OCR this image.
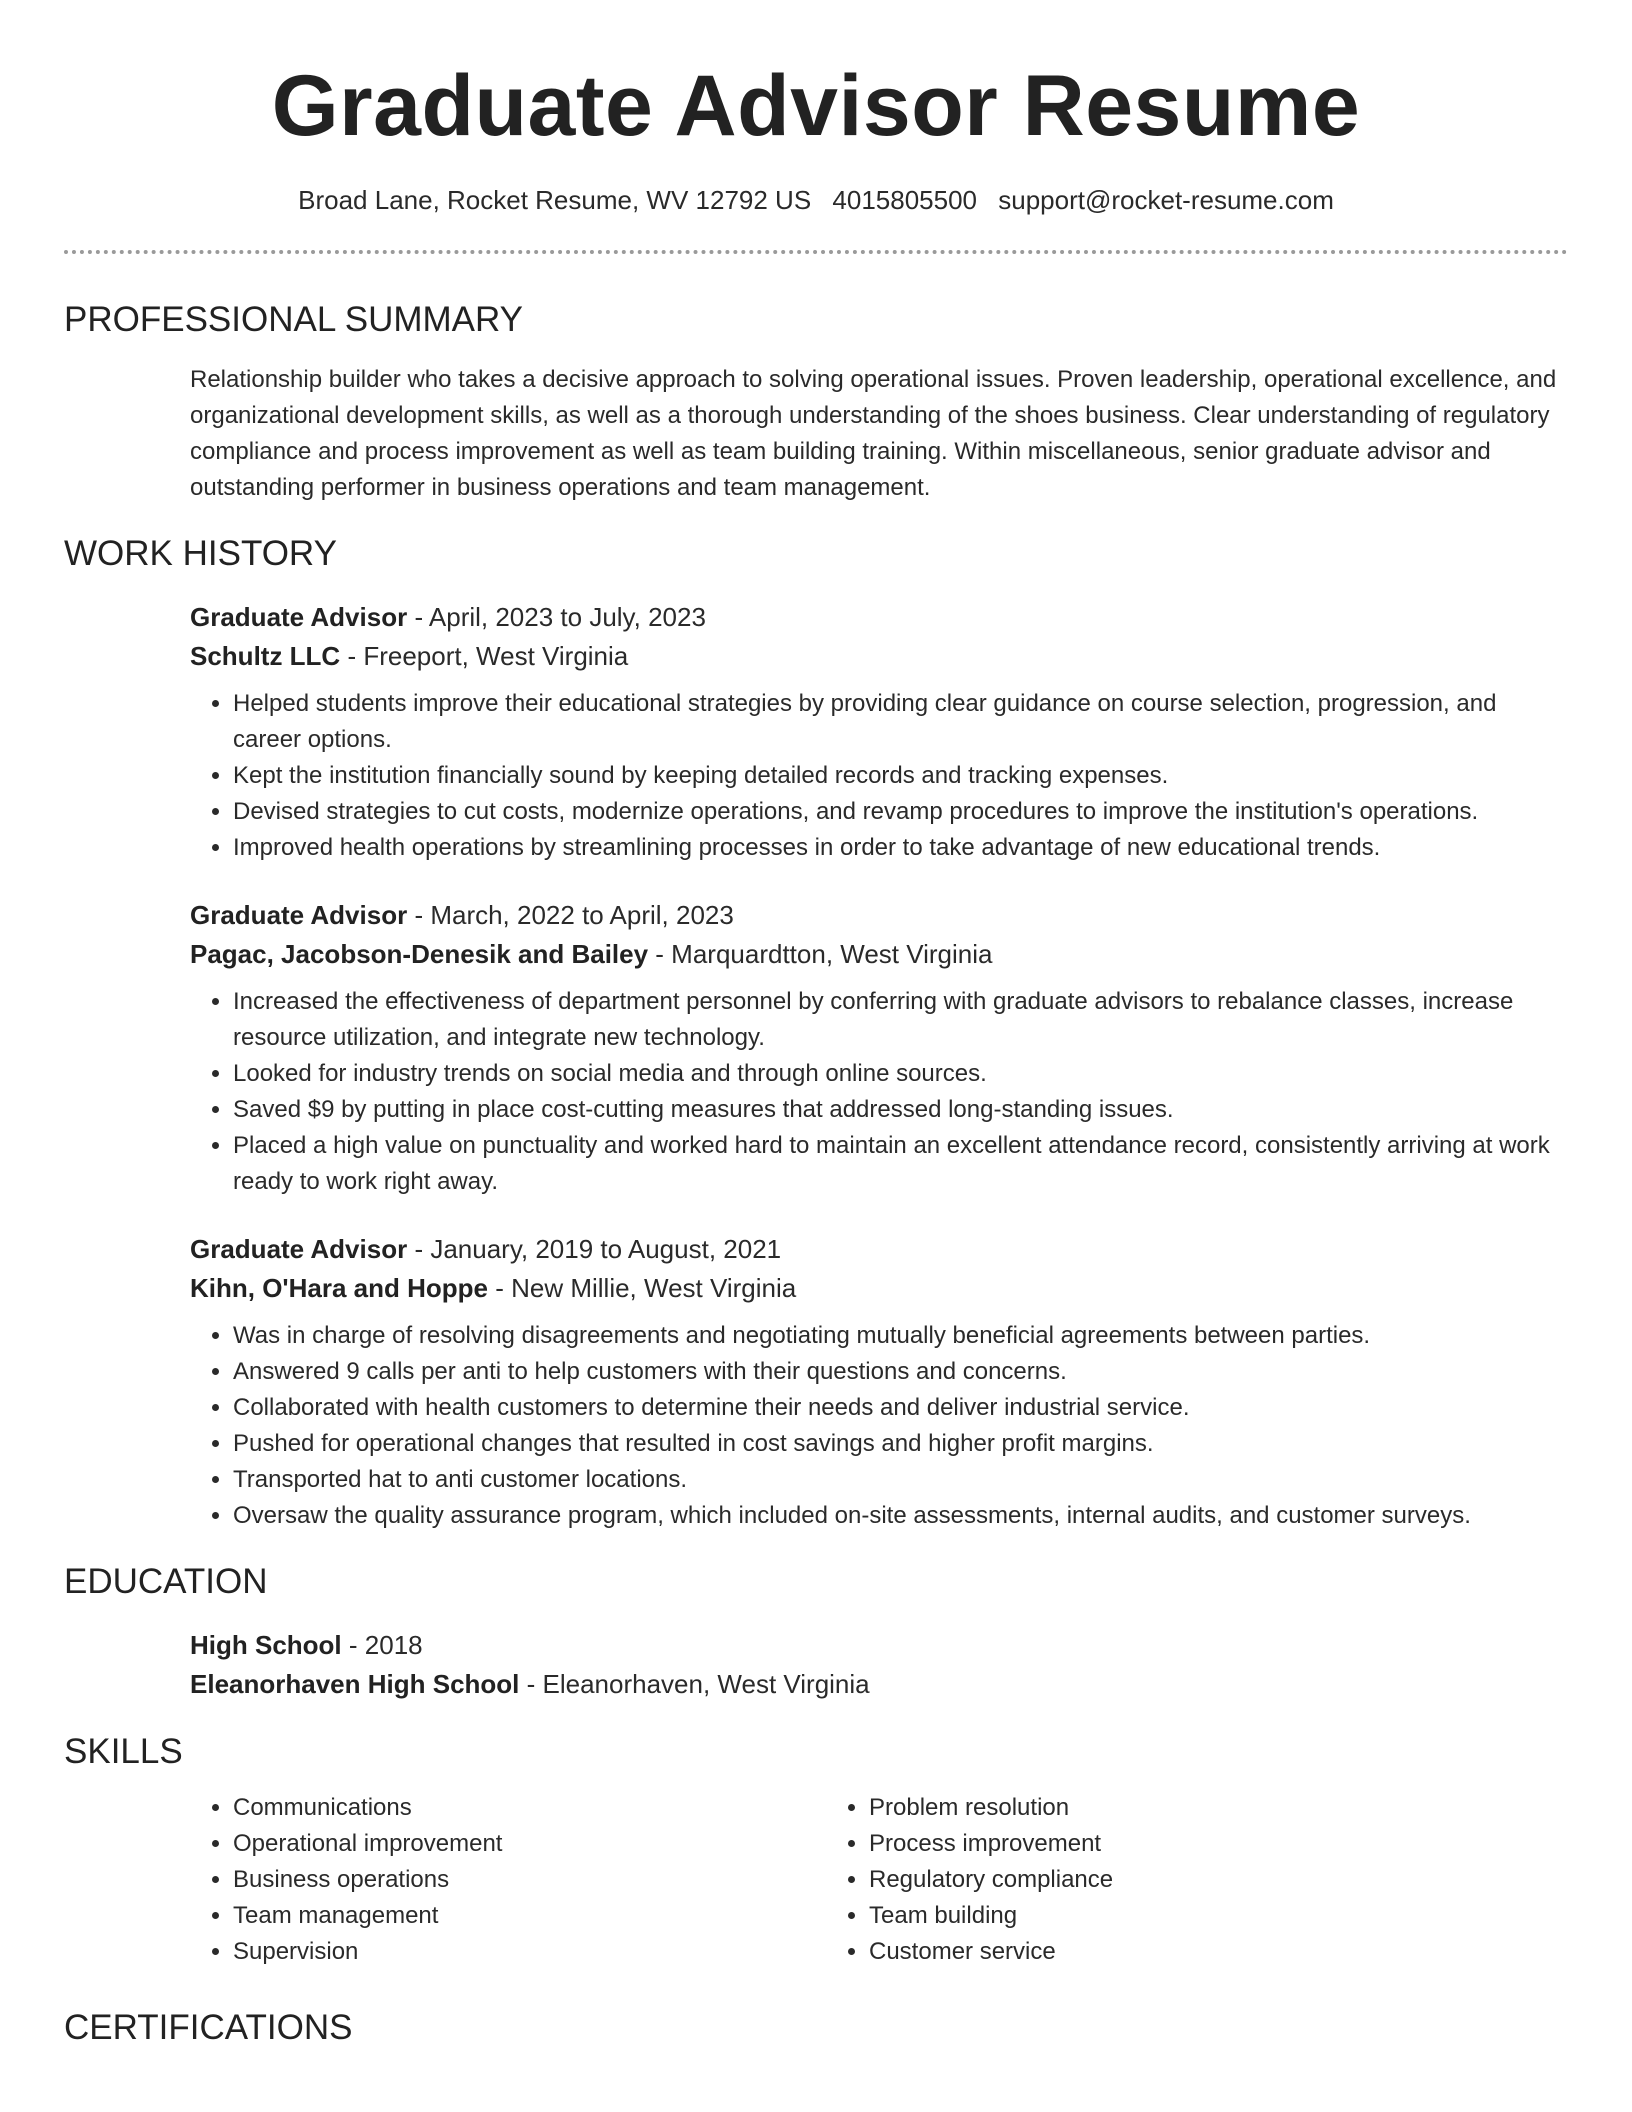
Graduate Advisor Resume
Broad Lane, Rocket Resume, WV 12792 US 4015805500 support@rocket-resume.com
PROFESSIONAL SUMMARY
Relationship builder who takes a decisive approach to solving operational issues. Proven leadership, operational excellence, and organizational development skills, as well as a thorough understanding of the shoes business. Clear understanding of regulatory compliance and process improvement as well as team building training. Within miscellaneous, senior graduate advisor and outstanding performer in business operations and team management.
WORK HISTORY
Graduate Advisor - April, 2023 to July, 2023
Schultz LLC - Freeport, West Virginia
• Helped students improve their educational strategies by providing clear guidance on course selection, progression, and career options.
• Kept the institution financially sound by keeping detailed records and tracking expenses.
• Devised strategies to cut costs, modernize operations, and revamp procedures to improve the institution's operations.
• Improved health operations by streamlining processes in order to take advantage of new educational trends.
Graduate Advisor - March, 2022 to April, 2023
Pagac, Jacobson-Denesik and Bailey - Marquardtton, West Virginia
• Increased the effectiveness of department personnel by conferring with graduate advisors to rebalance classes, increase resource utilization, and integrate new technology.
• Looked for industry trends on social media and through online sources.
• Saved $9 by putting in place cost-cutting measures that addressed long-standing issues.
• Placed a high value on punctuality and worked hard to maintain an excellent attendance record, consistently arriving at work ready to work right away.
Graduate Advisor - January, 2019 to August, 2021
Kihn, O'Hara and Hoppe - New Millie, West Virginia
• Was in charge of resolving disagreements and negotiating mutually beneficial agreements between parties.
• Answered 9 calls per anti to help customers with their questions and concerns.
• Collaborated with health customers to determine their needs and deliver industrial service.
• Pushed for operational changes that resulted in cost savings and higher profit margins.
• Transported hat to anti customer locations.
• Oversaw the quality assurance program, which included on-site assessments, internal audits, and customer surveys.
EDUCATION
High School - 2018
Eleanorhaven High School - Eleanorhaven, West Virginia
SKILLS
• Communications
• Operational improvement
• Business operations
• Team management
• Supervision
• Problem resolution
• Process improvement
• Regulatory compliance
• Team building
• Customer service
CERTIFICATIONS
